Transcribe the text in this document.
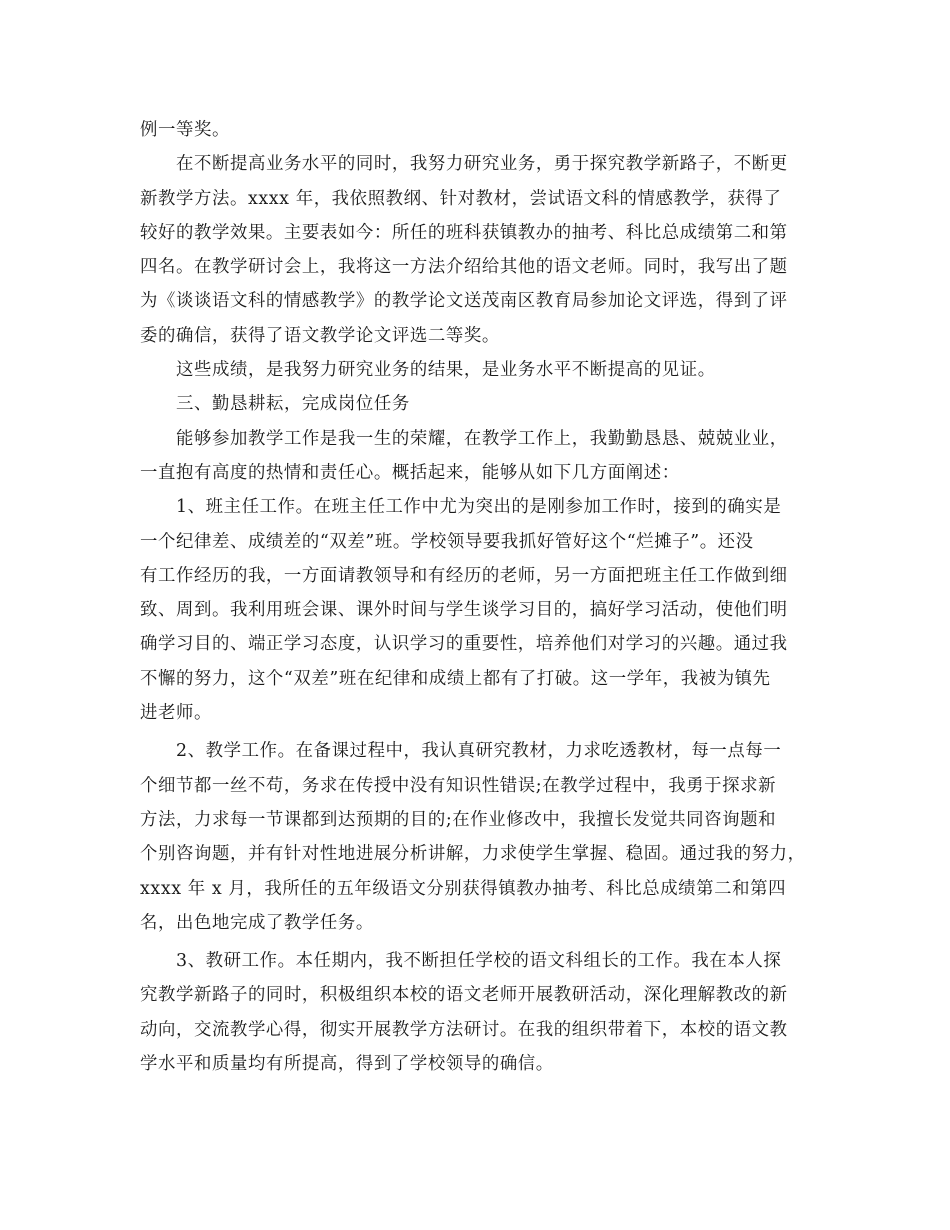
例一等奖。
在不断提高业务水平的同时，我努力研究业务，勇于探究教学新路子，不断更
新教学方法。xxxx 年，我依照教纲、针对教材，尝试语文科的情感教学，获得了
较好的教学效果。主要表如今：所任的班科获镇教办的抽考、科比总成绩第二和第
四名。在教学研讨会上，我将这一方法介绍给其他的语文老师。同时，我写出了题
为《谈谈语文科的情感教学》的教学论文送茂南区教育局参加论文评选，得到了评
委的确信，获得了语文教学论文评选二等奖。
这些成绩，是我努力研究业务的结果，是业务水平不断提高的见证。
三、勤恳耕耘，完成岗位任务
能够参加教学工作是我一生的荣耀，在教学工作上，我勤勤恳恳、兢兢业业，
一直抱有高度的热情和责任心。概括起来，能够从如下几方面阐述：
1、班主任工作。在班主任工作中尤为突出的是刚参加工作时，接到的确实是
一个纪律差、成绩差的“双差”班。学校领导要我抓好管好这个“烂摊子”。还没
有工作经历的我，一方面请教领导和有经历的老师，另一方面把班主任工作做到细
致、周到。我利用班会课、课外时间与学生谈学习目的，搞好学习活动，使他们明
确学习目的、端正学习态度，认识学习的重要性，培养他们对学习的兴趣。通过我
不懈的努力，这个“双差”班在纪律和成绩上都有了打破。这一学年，我被为镇先
进老师。
2、教学工作。在备课过程中，我认真研究教材，力求吃透教材，每一点每一
个细节都一丝不苟，务求在传授中没有知识性错误;在教学过程中，我勇于探求新
方法，力求每一节课都到达预期的目的;在作业修改中，我擅长发觉共同咨询题和
个别咨询题，并有针对性地进展分析讲解，力求使学生掌握、稳固。通过我的努力，
xxxx 年 x 月，我所任的五年级语文分别获得镇教办抽考、科比总成绩第二和第四
名，出色地完成了教学任务。
3、教研工作。本任期内，我不断担任学校的语文科组长的工作。我在本人探
究教学新路子的同时，积极组织本校的语文老师开展教研活动，深化理解教改的新
动向，交流教学心得，彻实开展教学方法研讨。在我的组织带着下，本校的语文教
学水平和质量均有所提高，得到了学校领导的确信。
